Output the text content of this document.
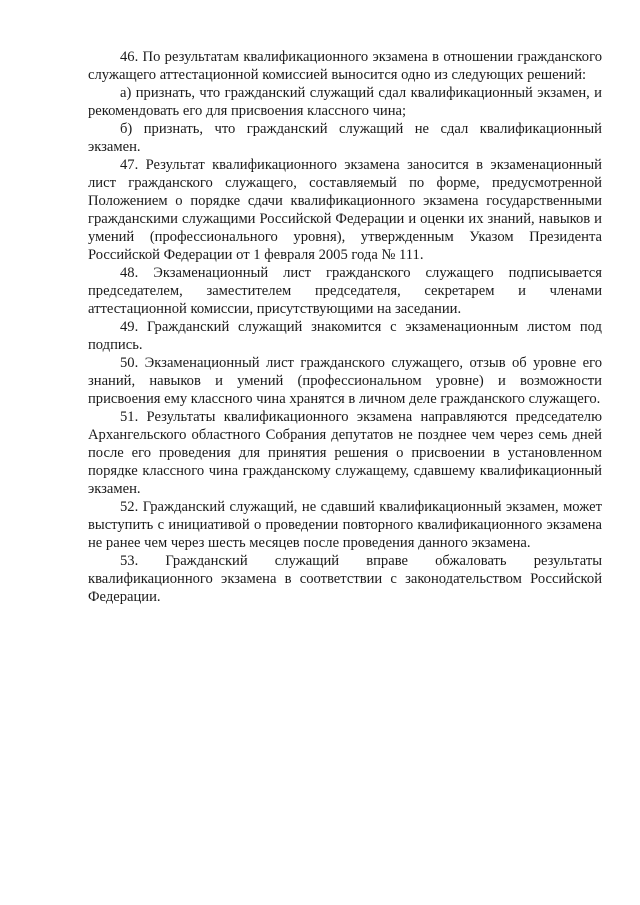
46. По результатам квалификационного экзамена в отношении гражданского служащего аттестационной комиссией выносится одно из следующих решений:

а) признать, что гражданский служащий сдал квалификационный экзамен, и рекомендовать его для присвоения классного чина;

б) признать, что гражданский служащий не сдал квалификационный экзамен.

47. Результат квалификационного экзамена заносится в экзаменационный лист гражданского служащего, составляемый по форме, предусмотренной Положением о порядке сдачи квалификационного экзамена государственными гражданскими служащими Российской Федерации и оценки их знаний, навыков и умений (профессионального уровня), утвержденным Указом Президента Российской Федерации от 1 февраля 2005 года № 111.

48. Экзаменационный лист гражданского служащего подписывается председателем, заместителем председателя, секретарем и членами аттестационной комиссии, присутствующими на заседании.

49. Гражданский служащий знакомится с экзаменационным листом под подпись.

50. Экзаменационный лист гражданского служащего, отзыв об уровне его знаний, навыков и умений (профессиональном уровне) и возможности присвоения ему классного чина хранятся в личном деле гражданского служащего.

51. Результаты квалификационного экзамена направляются председателю Архангельского областного Собрания депутатов не позднее чем через семь дней после его проведения для принятия решения о присвоении в установленном порядке классного чина гражданскому служащему, сдавшему квалификационный экзамен.

52. Гражданский служащий, не сдавший квалификационный экзамен, может выступить с инициативой о проведении повторного квалификационного экзамена не ранее чем через шесть месяцев после проведения данного экзамена.

53. Гражданский служащий вправе обжаловать результаты квалификационного экзамена в соответствии с законодательством Российской Федерации.
